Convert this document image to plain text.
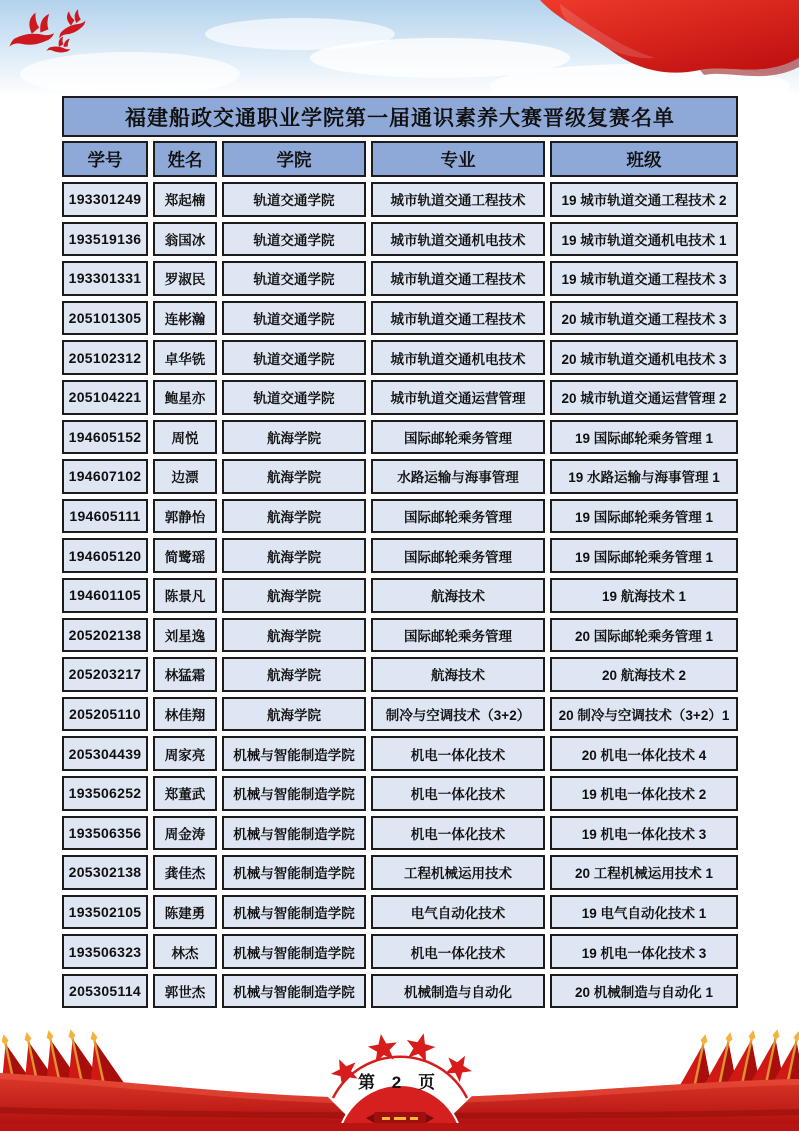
福建船政交通职业学院第一届通识素养大赛晋级复赛名单
学号	姓名	学院	专业	班级
193301249	郑起楠	轨道交通学院	城市轨道交通工程技术	19 城市轨道交通工程技术 2
193519136	翁国冰	轨道交通学院	城市轨道交通机电技术	19 城市轨道交通机电技术 1
193301331	罗淑民	轨道交通学院	城市轨道交通工程技术	19 城市轨道交通工程技术 3
205101305	连彬瀚	轨道交通学院	城市轨道交通工程技术	20 城市轨道交通工程技术 3
205102312	卓华铣	轨道交通学院	城市轨道交通机电技术	20 城市轨道交通机电技术 3
205104221	鲍星亦	轨道交通学院	城市轨道交通运营管理	20 城市轨道交通运营管理 2
194605152	周悦	航海学院	国际邮轮乘务管理	19 国际邮轮乘务管理 1
194607102	边漂	航海学院	水路运输与海事管理	19 水路运输与海事管理 1
194605111	郭静怡	航海学院	国际邮轮乘务管理	19 国际邮轮乘务管理 1
194605120	简鹭瑶	航海学院	国际邮轮乘务管理	19 国际邮轮乘务管理 1
194601105	陈景凡	航海学院	航海技术	19 航海技术 1
205202138	刘星逸	航海学院	国际邮轮乘务管理	20 国际邮轮乘务管理 1
205203217	林猛霜	航海学院	航海技术	20 航海技术 2
205205110	林佳翔	航海学院	制冷与空调技术（3+2）	20 制冷与空调技术（3+2）1
205304439	周家亮	机械与智能制造学院	机电一体化技术	20 机电一体化技术 4
193506252	郑董武	机械与智能制造学院	机电一体化技术	19 机电一体化技术 2
193506356	周金涛	机械与智能制造学院	机电一体化技术	19 机电一体化技术 3
205302138	龚佳杰	机械与智能制造学院	工程机械运用技术	20 工程机械运用技术 1
193502105	陈建勇	机械与智能制造学院	电气自动化技术	19 电气自动化技术 1
193506323	林杰	机械与智能制造学院	机电一体化技术	19 机电一体化技术 3
205305114	郭世杰	机械与智能制造学院	机械制造与自动化	20 机械制造与自动化 1
第 2 页
